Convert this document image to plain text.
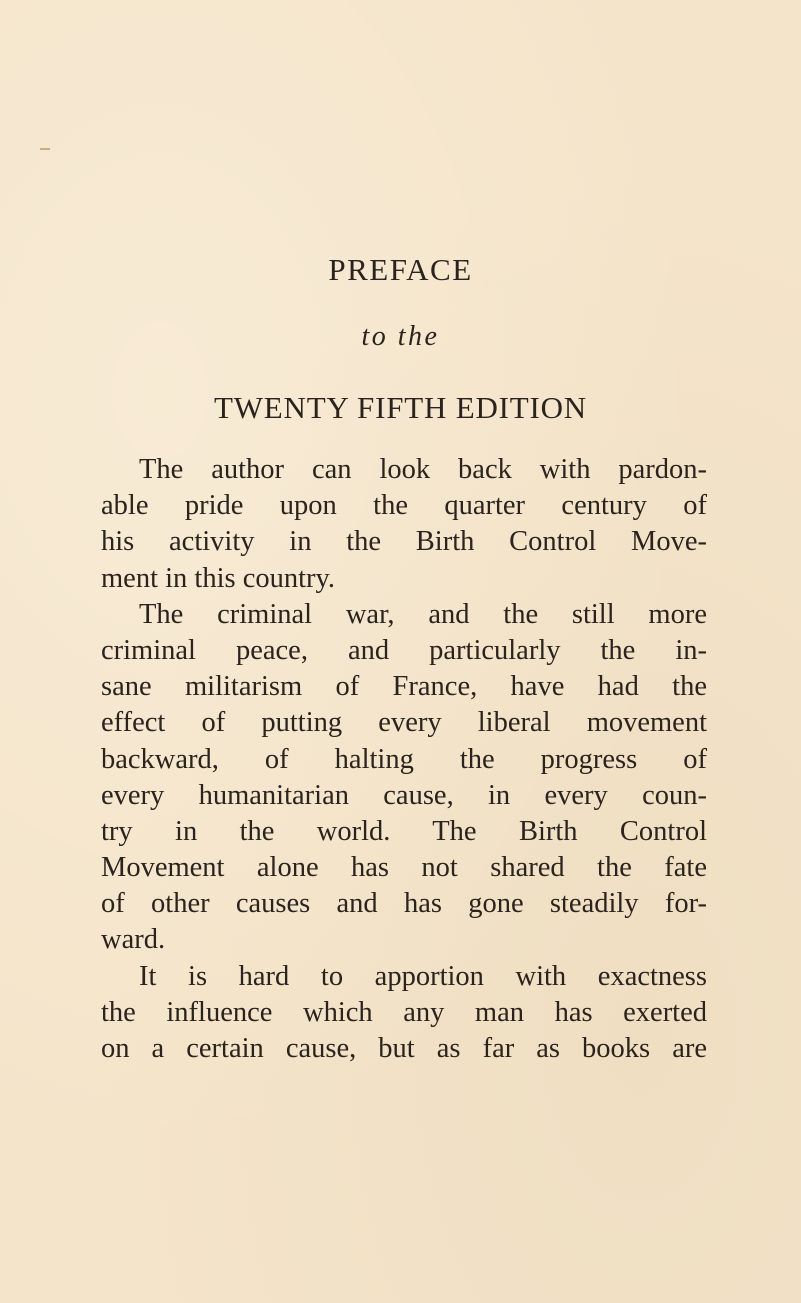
PREFACE
to the
TWENTY FIFTH EDITION
The author can look back with pardon-
able pride upon the quarter century of
his activity in the Birth Control Move-
ment in this country.
The criminal war, and the still more
criminal peace, and particularly the in-
sane militarism of France, have had the
effect of putting every liberal movement
backward, of halting the progress of
every humanitarian cause, in every coun-
try in the world. The Birth Control
Movement alone has not shared the fate
of other causes and has gone steadily for-
ward.
It is hard to apportion with exactness
the influence which any man has exerted
on a certain cause, but as far as books are
